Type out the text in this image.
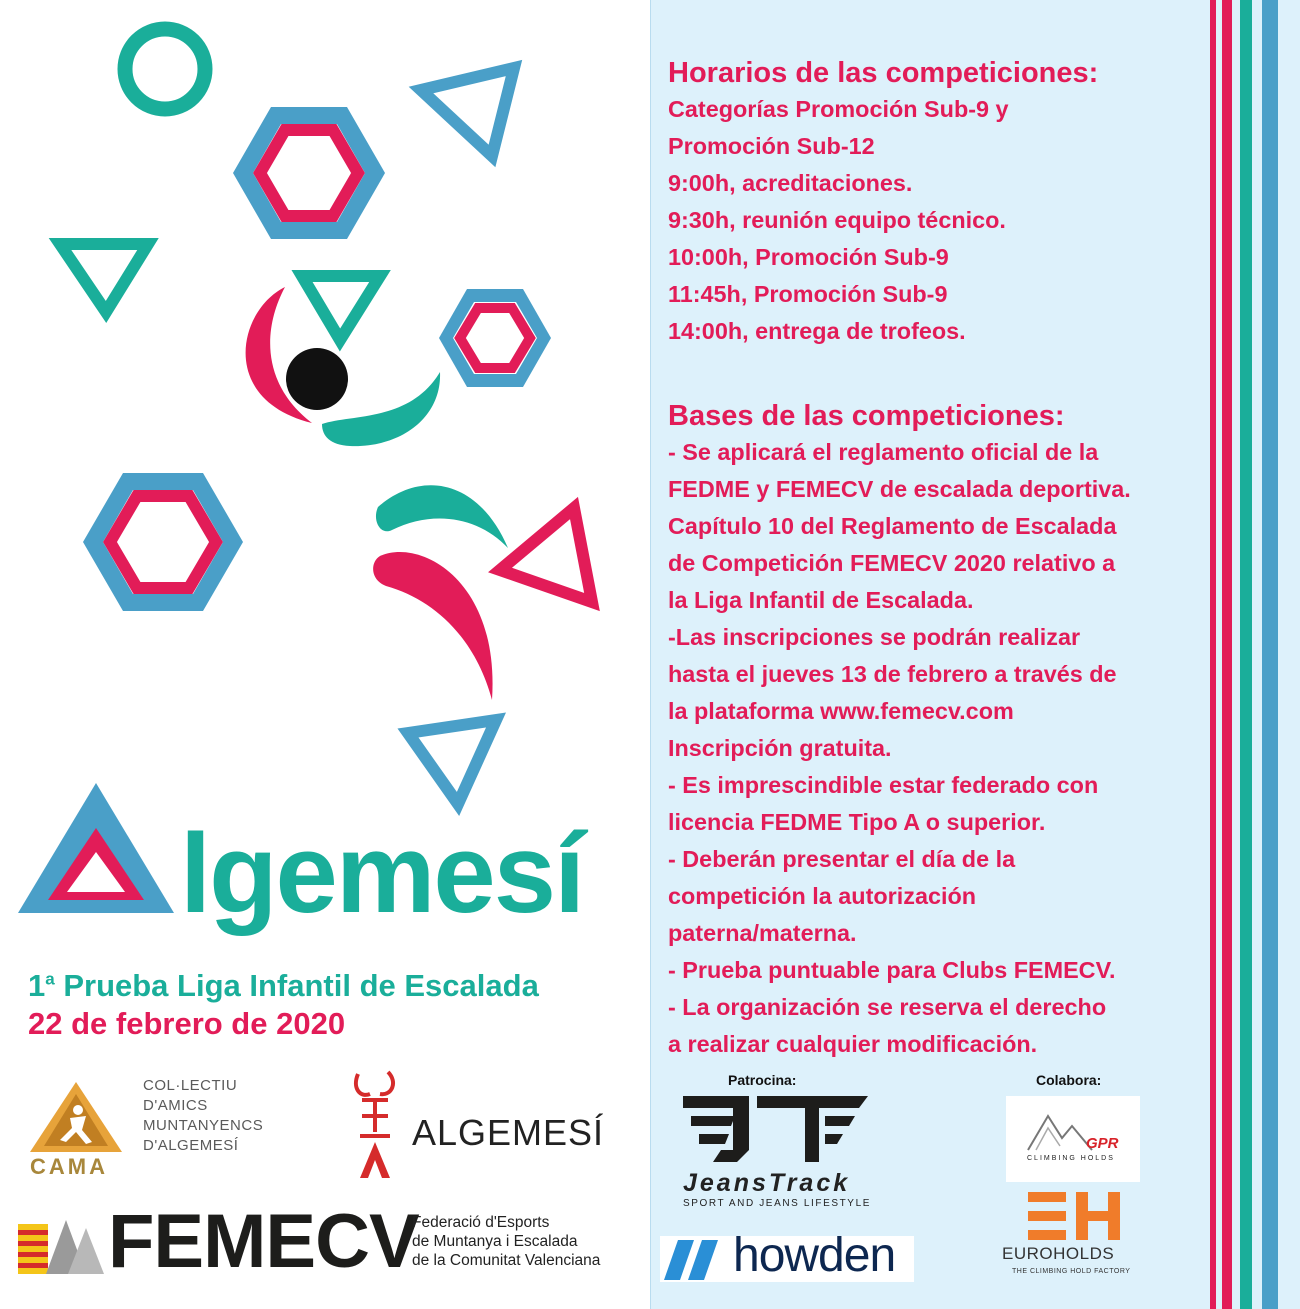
lgemesí
1$^a$ Prueba Liga Infantil de Escalada
22 de febrero de 2020
CAMA
COL·LECTIU
D'AMICS
MUNTANYENCS
D'ALGEMESÍ	ALGEMESÍ
FEMECV
Federació d'Esports
de Muntanya i Escalada
de la Comunitat Valenciana
Horarios de las competiciones:
Categorías Promoción Sub-9 y
Promoción Sub-12
9:00h, acreditaciones.
9:30h, reunión equipo técnico.
10:00h, Promoción Sub-9
11:45h, Promoción Sub-9
14:00h, entrega de trofeos.
Bases de las competiciones:
- Se aplicará el reglamento oficial de la
FEDME y FEMECV de escalada deportiva.
Capítulo 10 del Reglamento de Escalada
de Competición FEMECV 2020 relativo a
la Liga Infantil de Escalada.
-Las inscripciones se podrán realizar
hasta el jueves 13 de febrero a través de
la plataforma www.femecv.com
Inscripción gratuita.
- Es imprescindible estar federado con
licencia FEDME Tipo A o superior.
- Deberán presentar el día de la
competición la autorización
paterna/materna.
- Prueba puntuable para Clubs FEMECV.
- La organización se reserva el derecho
a realizar cualquier modificación.
Patrocina:	Colabora:
JeansTrack
SPORT AND JEANS LIFESTYLE
howden
GPR
CLIMBING HOLDS
EUROHOLDS
THE CLIMBING HOLD FACTORY
